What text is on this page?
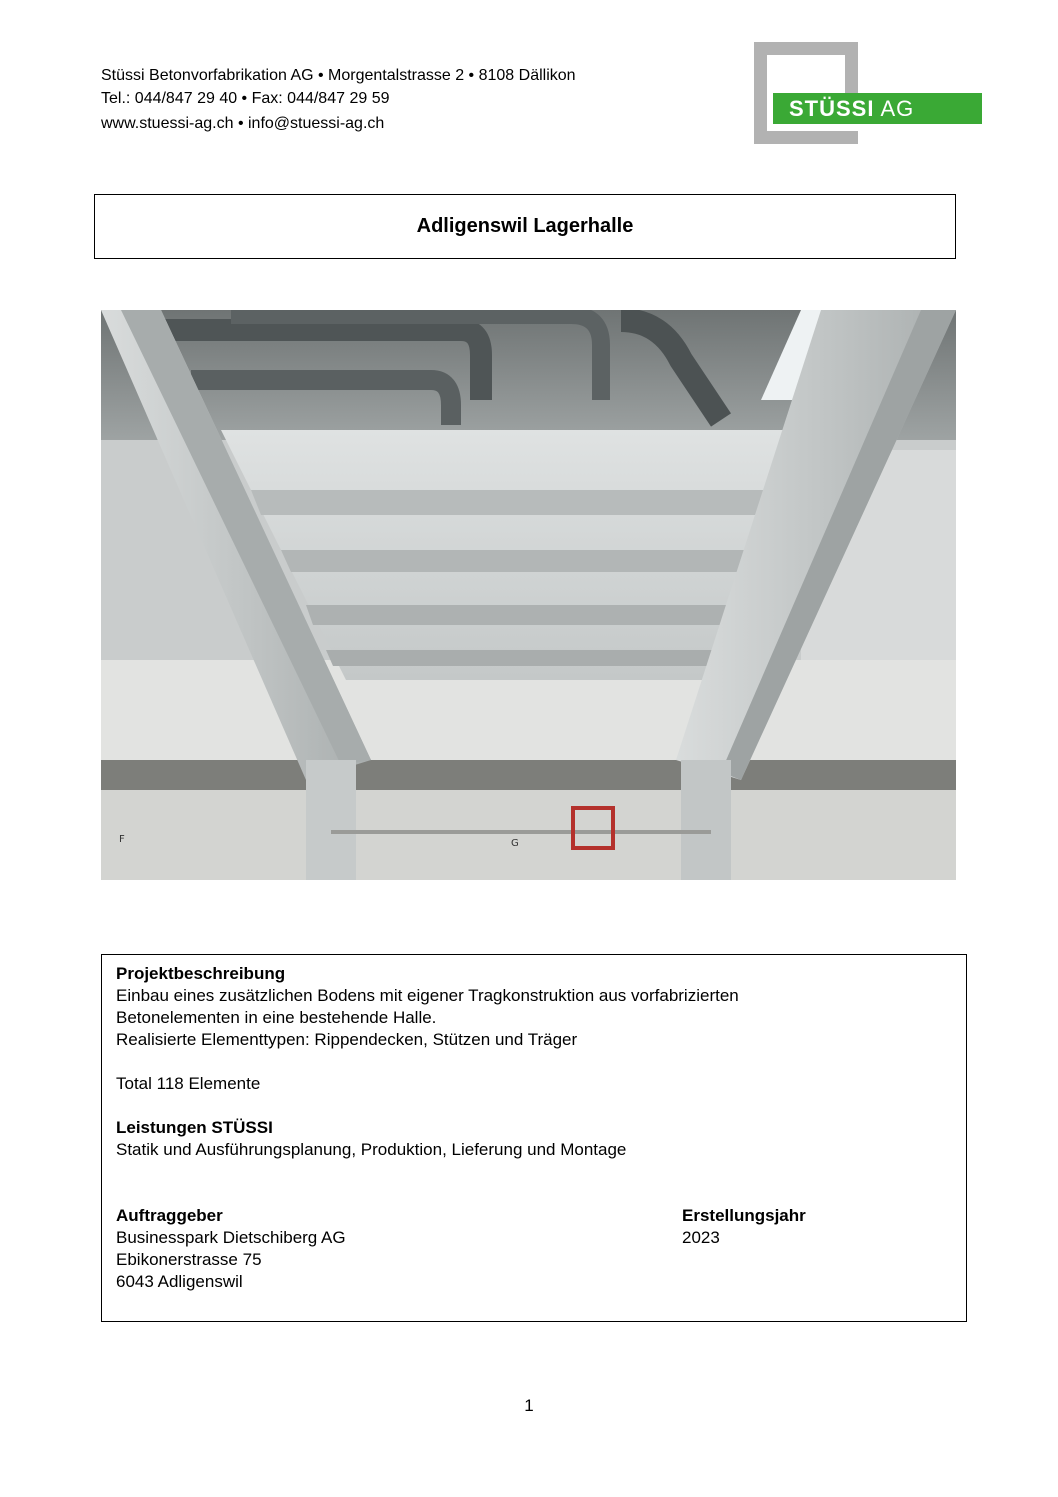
Stüssi Betonvorfabrikation AG • Morgentalstrasse 2 • 8108 Dällikon
Tel.: 044/847 29 40 • Fax: 044/847 29 59
www.stuessi-ag.ch • info@stuessi-ag.ch
STÜSSI AG
Adligenswil Lagerhalle
F	G
Projektbeschreibung
Einbau eines zusätzlichen Bodens mit eigener Tragkonstruktion aus vorfabrizierten
Betonelementen in eine bestehende Halle.
Realisierte Elementtypen: Rippendecken, Stützen und Träger
Total 118 Elemente
Leistungen STÜSSI
Statik und Ausführungsplanung, Produktion, Lieferung und Montage
Auftraggeber
Businesspark Dietschiberg AG
Ebikonerstrasse 75
6043 Adligenswil
Erstellungsjahr
2023
1
